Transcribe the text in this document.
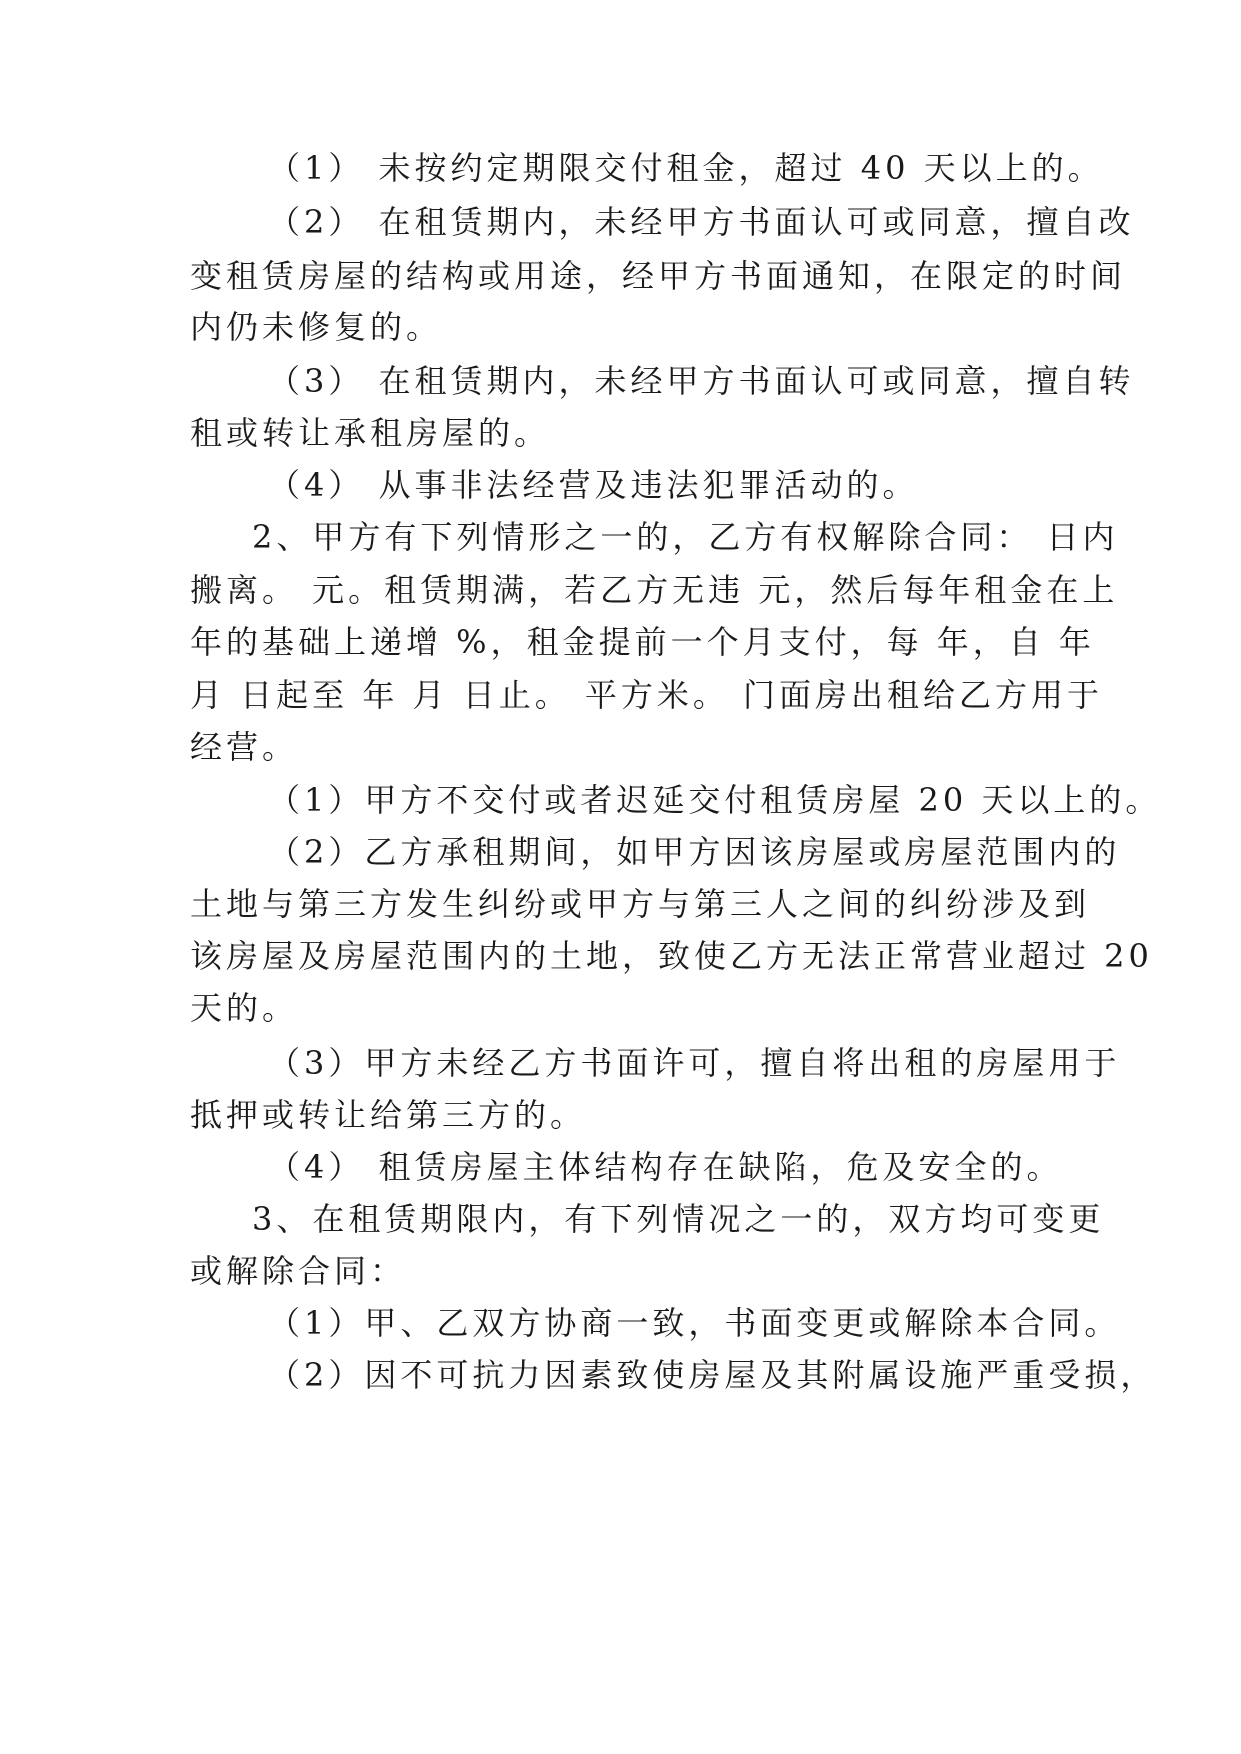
（1） 未按约定期限交付租金，超过 40 天以上的。
（2） 在租赁期内，未经甲方书面认可或同意，擅自改
变租赁房屋的结构或用途，经甲方书面通知，在限定的时间
内仍未修复的。
（3） 在租赁期内，未经甲方书面认可或同意，擅自转
租或转让承租房屋的。
（4） 从事非法经营及违法犯罪活动的。
2、甲方有下列情形之一的，乙方有权解除合同： 日内
搬离。 元。租赁期满，若乙方无违 元，然后每年租金在上
年的基础上递增 %，租金提前一个月支付，每 年，自 年
月 日起至 年 月 日止。 平方米。 门面房出租给乙方用于
经营。
（1）甲方不交付或者迟延交付租赁房屋 20 天以上的。
（2）乙方承租期间，如甲方因该房屋或房屋范围内的
土地与第三方发生纠纷或甲方与第三人之间的纠纷涉及到
该房屋及房屋范围内的土地，致使乙方无法正常营业超过 20
天的。
（3）甲方未经乙方书面许可，擅自将出租的房屋用于
抵押或转让给第三方的。
（4） 租赁房屋主体结构存在缺陷，危及安全的。
3、在租赁期限内，有下列情况之一的，双方均可变更
或解除合同：
（1）甲、乙双方协商一致，书面变更或解除本合同。
（2）因不可抗力因素致使房屋及其附属设施严重受损，
